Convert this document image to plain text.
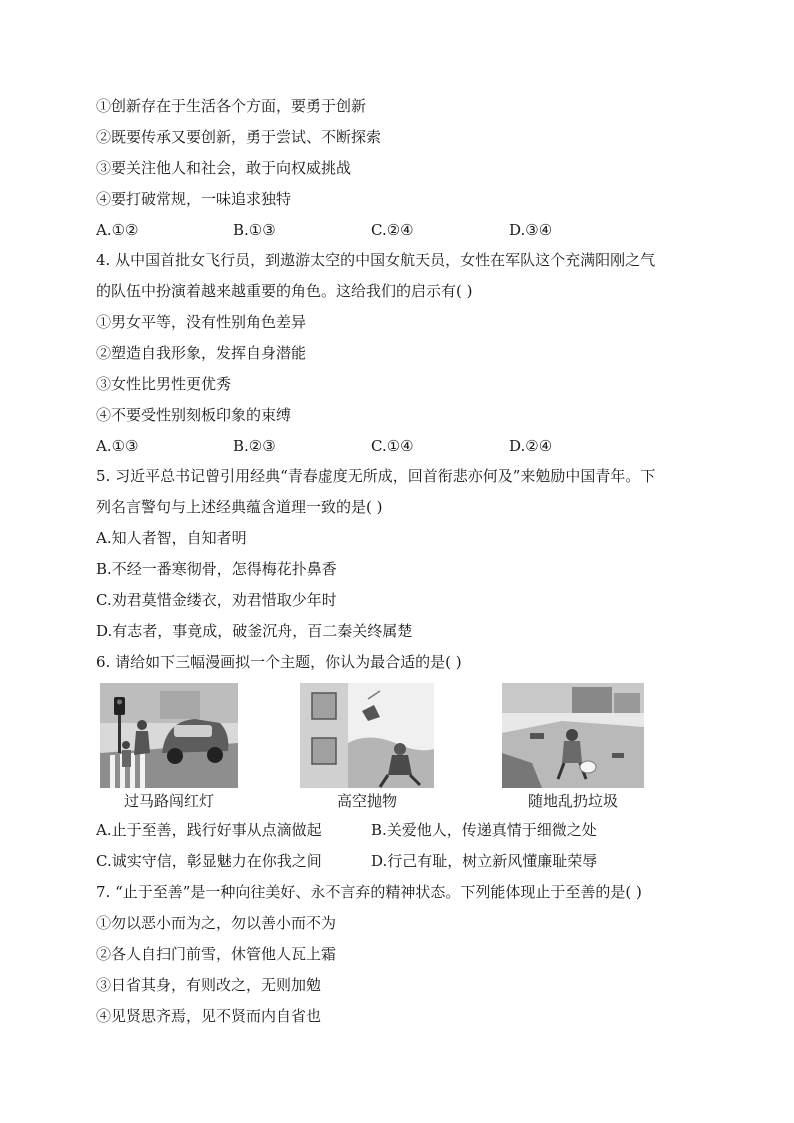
①创新存在于生活各个方面，要勇于创新
②既要传承又要创新，勇于尝试、不断探索
③要关注他人和社会，敢于向权威挑战
④要打破常规，一味追求独特
A.①②	B.①③	C.②④	D.③④
4. 从中国首批女飞行员，到遨游太空的中国女航天员，女性在军队这个充满阳刚之气
的队伍中扮演着越来越重要的角色。这给我们的启示有( )
①男女平等，没有性别角色差异
②塑造自我形象，发挥自身潜能
③女性比男性更优秀
④不要受性别刻板印象的束缚
A.①③	B.②③	C.①④	D.②④
5. 习近平总书记曾引用经典“青春虚度无所成，回首衔悲亦何及”来勉励中国青年。下
列名言警句与上述经典蕴含道理一致的是( )
A.知人者智，自知者明
B.不经一番寒彻骨，怎得梅花扑鼻香
C.劝君莫惜金缕衣，劝君惜取少年时
D.有志者，事竟成，破釜沉舟，百二秦关终属楚
6. 请给如下三幅漫画拟一个主题，你认为最合适的是( )
过马路闯红灯	高空抛物	随地乱扔垃圾
A.止于至善，践行好事从点滴做起	B.关爱他人，传递真情于细微之处
C.诚实守信，彰显魅力在你我之间	D.行己有耻，树立新风懂廉耻荣辱
7. “止于至善”是一种向往美好、永不言弃的精神状态。下列能体现止于至善的是( )
①勿以恶小而为之，勿以善小而不为
②各人自扫门前雪，休管他人瓦上霜
③日省其身，有则改之，无则加勉
④见贤思齐焉，见不贤而内自省也
